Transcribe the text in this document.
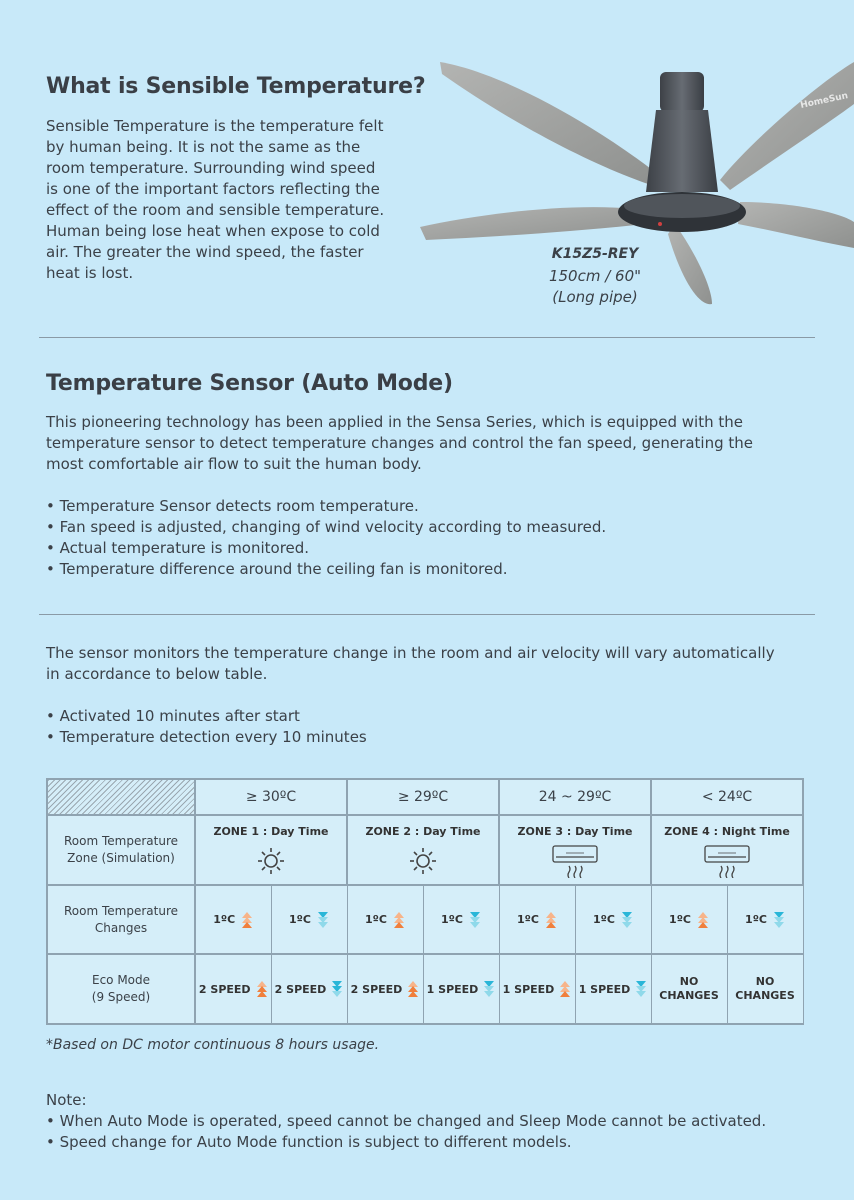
What is Sensible Temperature?

Sensible Temperature is the temperature felt
by human being. It is not the same as the
room temperature. Surrounding wind speed
is one of the important factors reflecting the
effect of the room and sensible temperature.
Human being lose heat when expose to cold
air. The greater the wind speed, the faster
heat is lost.

HomeSun
K15Z5-REY
150cm / 60"
(Long pipe)
Temperature Sensor (Auto Mode)

This pioneering technology has been applied in the Sensa Series, which is equipped with the
temperature sensor to detect temperature changes and control the fan speed, generating the
most comfortable air flow to suit the human body.

• Temperature Sensor detects room temperature.
• Fan speed is adjusted, changing of wind velocity according to measured.
• Actual temperature is monitored.
• Temperature difference around the ceiling fan is monitored.

The sensor monitors the temperature change in the room and air velocity will vary automatically
in accordance to below table.

• Activated 10 minutes after start
• Temperature detection every 10 minutes
	≥ 30ºC		≥ 29ºC		24 ~ 29ºC		< 24ºC	
Room Temperature
Zone (Simulation)	ZONE 1 : Day Time		ZONE 2 : Day Time		ZONE 3 : Day Time		ZONE 4 : Night Time	

Room Temperature
Changes	1ºC	1ºC	1ºC	1ºC	1ºC	1ºC	1ºC	1ºC

Eco Mode
(9 Speed)	2 SPEED	2 SPEED	2 SPEED	1 SPEED	1 SPEED	1 SPEED	NO CHANGES	NO CHANGES
*Based on DC motor continuous 8 hours usage.

Note:

• When Auto Mode is operated, speed cannot be changed and Sleep Mode cannot be activated.
• Speed change for Auto Mode function is subject to different models.
